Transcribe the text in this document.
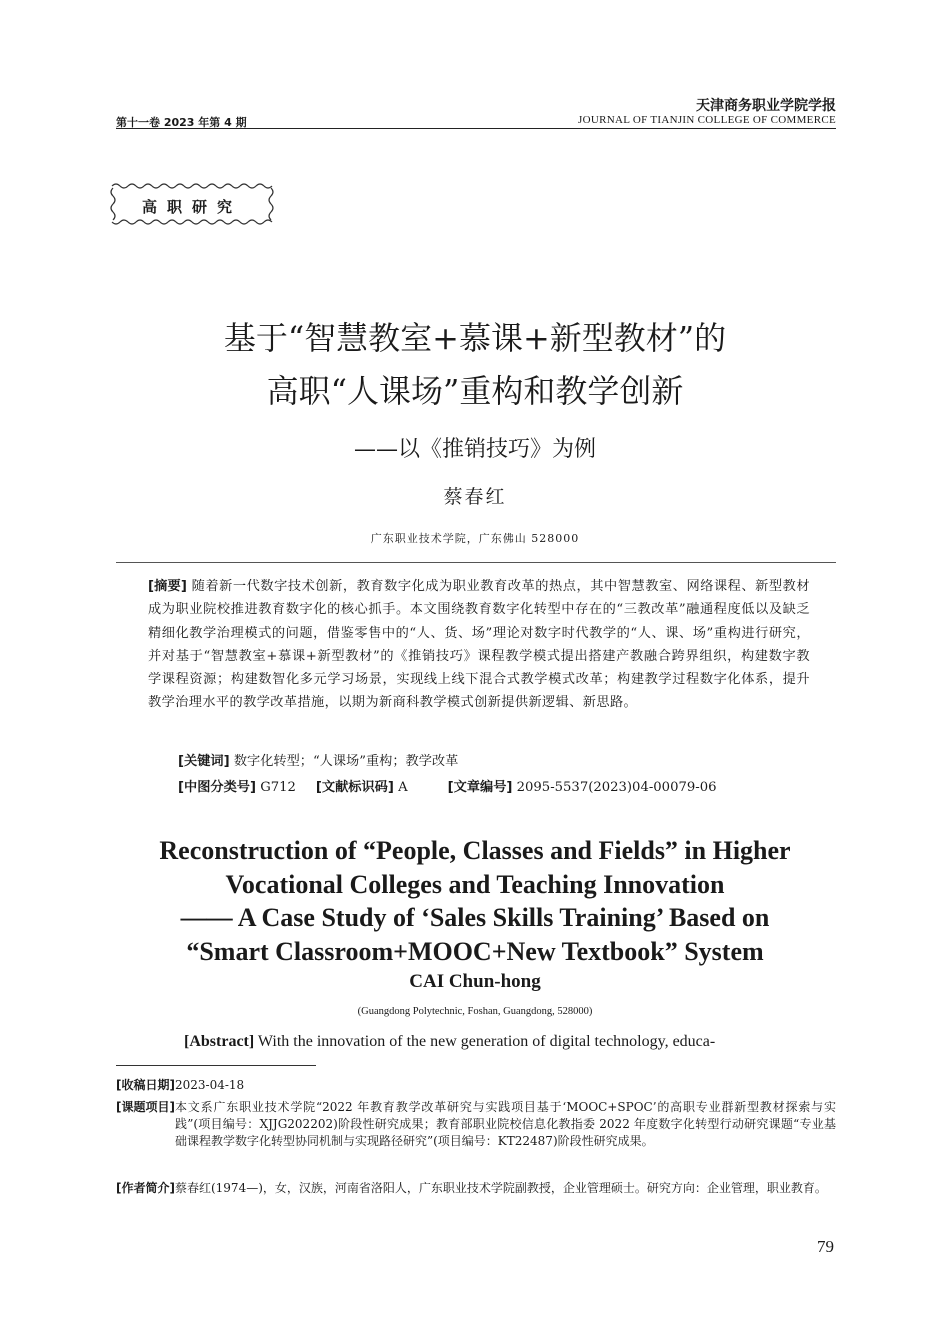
第十一卷 2023 年第 4 期
天津商务职业学院学报
JOURNAL OF TIANJIN COLLEGE OF COMMERCE
高职研究
基于“智慧教室+慕课+新型教材”的
高职“人课场”重构和教学创新
——以《推销技巧》为例
蔡春红
广东职业技术学院，广东佛山 528000
[摘要] 随着新一代数字技术创新，教育数字化成为职业教育改革的热点，其中智慧教室、网络课程、新型教材成为职业院校推进教育数字化的核心抓手。本文围绕教育数字化转型中存在的“三教改革”融通程度低以及缺乏精细化教学治理模式的问题，借鉴零售中的“人、货、场”理论对数字时代教学的“人、课、场”重构进行研究，并对基于“智慧教室+慕课+新型教材”的《推销技巧》课程教学模式提出搭建产教融合跨界组织，构建数字教学课程资源；构建数智化多元学习场景，实现线上线下混合式教学模式改革；构建教学过程数字化体系，提升教学治理水平的教学改革措施，以期为新商科教学模式创新提供新逻辑、新思路。
[关键词] 数字化转型；“人课场”重构；教学改革
[中图分类号] G712 [文献标识码] A	[文章编号] 2095-5537(2023)04-00079-06
Reconstruction of “People, Classes and Fields” in Higher
Vocational Colleges and Teaching Innovation
—— A Case Study of ‘Sales Skills Training’ Based on
“Smart Classroom+MOOC+New Textbook” System
CAI Chun-hong
(Guangdong Polytechnic, Foshan, Guangdong, 528000)
[Abstract] With the innovation of the new generation of digital technology, educa-
[收稿日期] 2023-04-18
[课题项目] 本文系广东职业技术学院“2022 年教育教学改革研究与实践项目基于‘MOOC+SPOC’的高职专业群新型教材探索与实践”(项目编号：XJJG202202)阶段性研究成果；教育部职业院校信息化教指委 2022 年度数字化转型行动研究课题“专业基础课程教学数字化转型协同机制与实现路径研究”(项目编号：KT22487)阶段性研究成果。
[作者简介] 蔡春红(1974—)，女，汉族，河南省洛阳人，广东职业技术学院副教授，企业管理硕士。研究方向：企业管理，职业教育。
79
